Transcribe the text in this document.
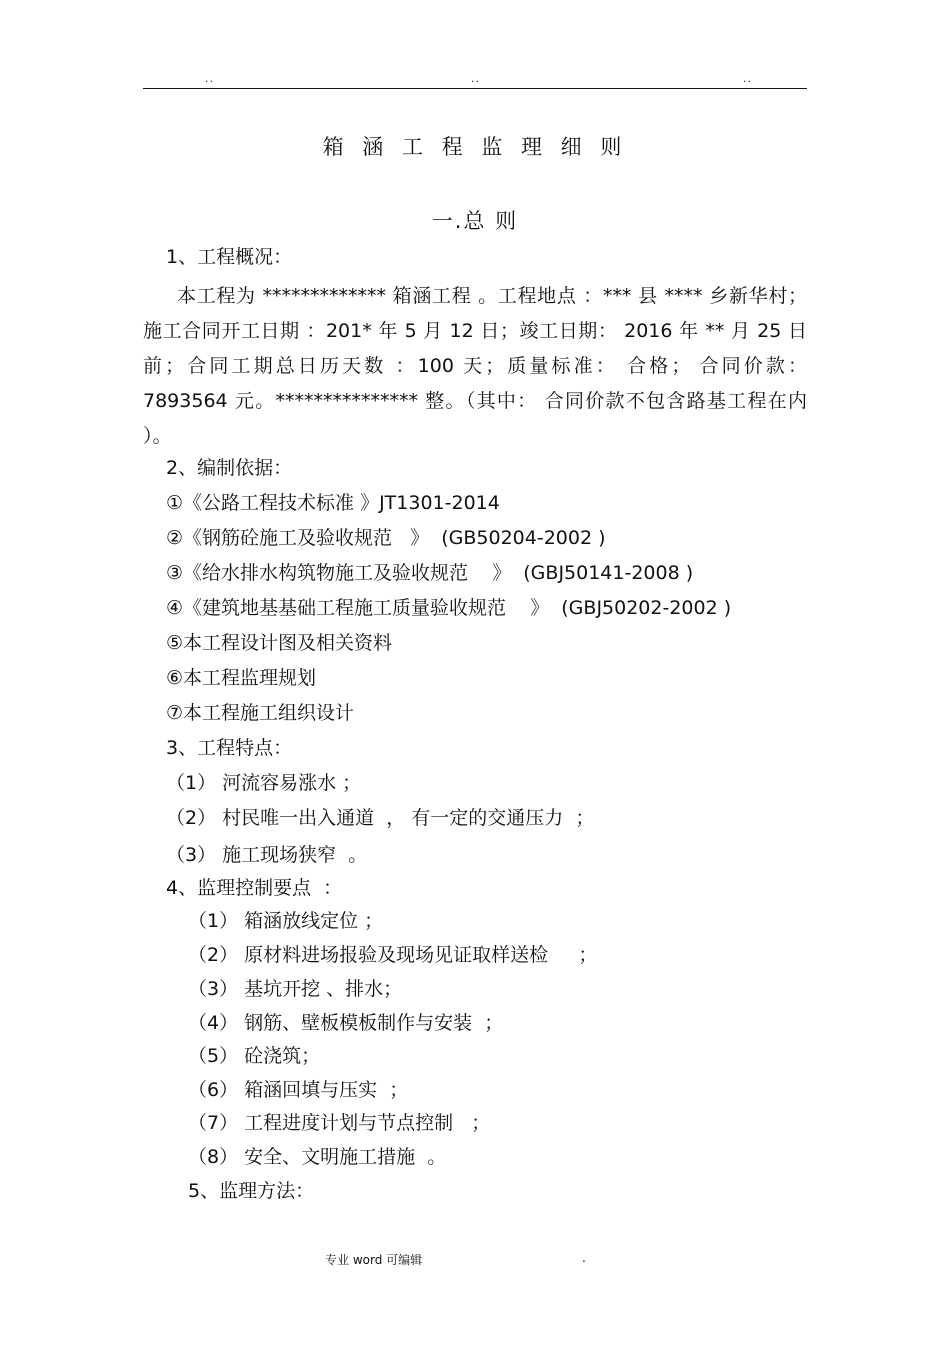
..	..	..
箱 涵 工 程 监 理 细 则
一.总 则
1、工程概况：
本工程为 ************* 箱涵工程 。工程地点 ：*** 县 **** 乡新华村；施工合同开工日期 ：201* 年 5 月 12 日；竣工日期： 2016 年 ** 月 25 日前；合同工期总日历天数 ：100 天；质量标准： 合格； 合同价款： 7893564 元。*************** 整。（其中： 合同价款不包含路基工程在内 ）。
2、编制依据：
①《公路工程技术标准 》JT1301-2014
②《钢筋砼施工及验收规范   》  (GB50204-2002 )
③《给水排水构筑物施工及验收规范    》  (GBJ50141-2008 )
④《建筑地基基础工程施工质量验收规范    》  (GBJ50202-2002 )
⑤本工程设计图及相关资料
⑥本工程监理规划
⑦本工程施工组织设计
3、工程特点：
（1） 河流容易涨水 ；
（2） 村民唯一出入通道  ， 有一定的交通压力  ；
（3） 施工现场狭窄  。
4、监理控制要点  ：
（1） 箱涵放线定位 ；
（2） 原材料进场报验及现场见证取样送检     ；
（3） 基坑开挖 、排水；
（4） 钢筋、壁板模板制作与安装  ；
（5） 砼浇筑；
（6） 箱涵回填与压实  ；
（7） 工程进度计划与节点控制   ；
（8） 安全、文明施工措施  。
5、监理方法：
专业 word 可编辑	.
